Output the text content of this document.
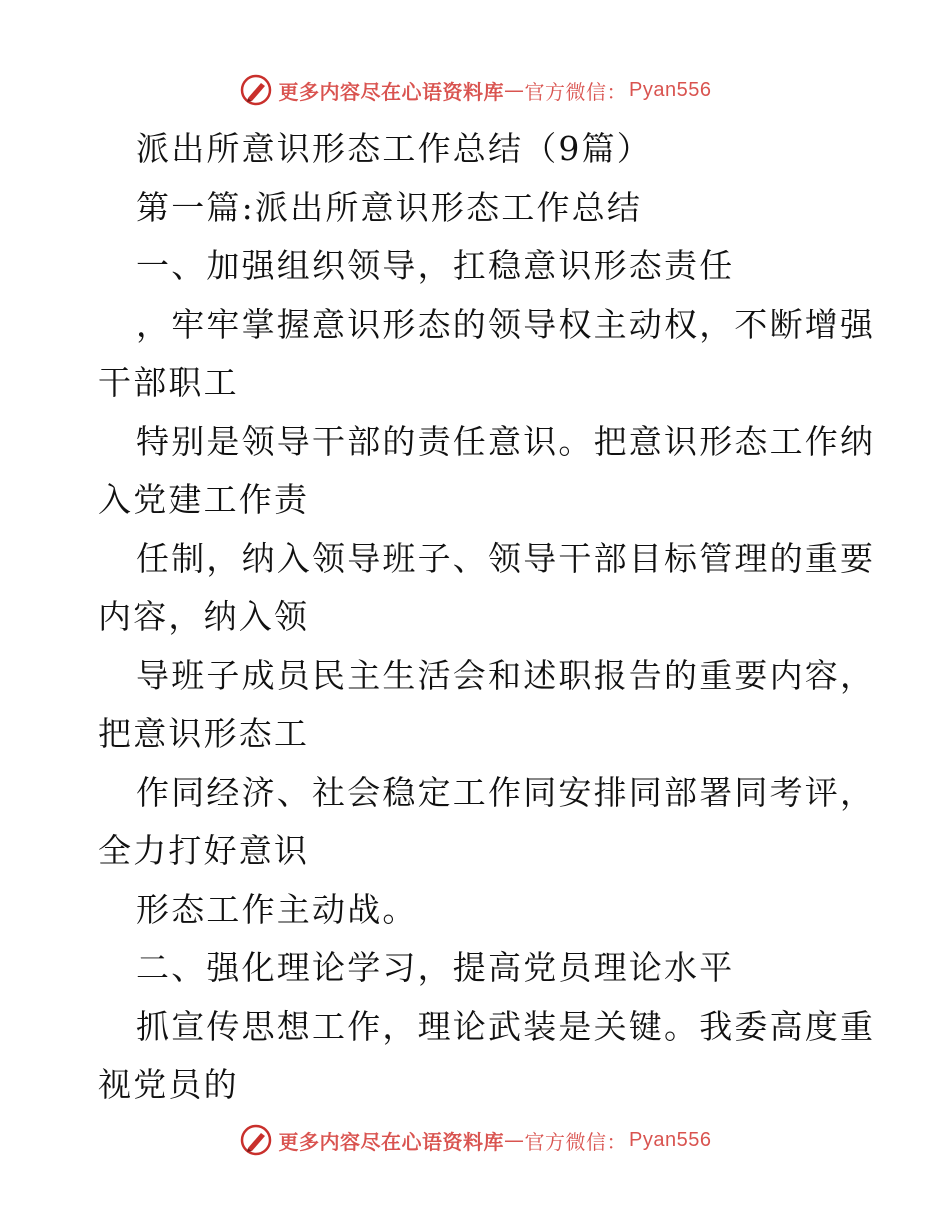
更多内容尽在心语资料库 — 官方微信： Pyan556
派出所意识形态工作总结（9篇）
第一篇:派出所意识形态工作总结
一、加强组织领导，扛稳意识形态责任
，牢牢掌握意识形态的领导权主动权，不断增强
干部职工
特别是领导干部的责任意识。把意识形态工作纳
入党建工作责
任制，纳入领导班子、领导干部目标管理的重要
内容，纳入领
导班子成员民主生活会和述职报告的重要内容，
把意识形态工
作同经济、社会稳定工作同安排同部署同考评，
全力打好意识
形态工作主动战。
二、强化理论学习，提高党员理论水平
抓宣传思想工作，理论武装是关键。我委高度重
视党员的
更多内容尽在心语资料库 — 官方微信： Pyan556
